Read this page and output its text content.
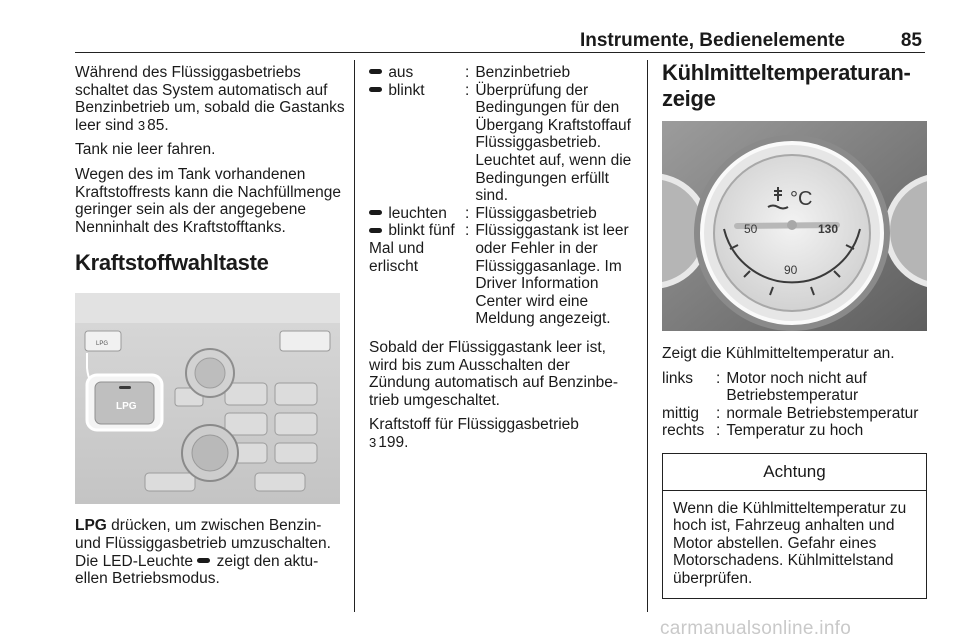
Instrumente, Bedienelemente	85

Während des Flüssiggasbetriebs schaltet das System automatisch auf Benzinbetrieb um, sobald die Gastanks leer sind 3 85.

Tank nie leer fahren.

Wegen des im Tank vorhandenen Kraftstoffrests kann die Nachfüllmenge geringer sein als der angegebene Nenninhalt des Kraftstofftanks.

Kraftstoffwahltaste
LPG
LPG

LPG drücken, um zwischen Benzin- und Flüssiggasbetrieb umzuschalten. Die LED-Leuchte  zeigt den aktuellen Betriebsmodus.

aus	:	Benzinbetrieb
blinkt	:	Überprüfung der Bedingungen für den Übergang Kraftstoffauf Flüssiggasbetrieb. Leuchtet auf, wenn die Bedingungen erfüllt sind.
leuchten	:	Flüssiggasbetrieb
blinkt fünf Mal und erlischt	:	Flüssiggastank ist leer oder Fehler in der Flüssiggasanlage. Im Driver Information Center wird eine Meldung angezeigt.

Sobald der Flüssiggastank leer ist, wird bis zum Ausschalten der Zündung automatisch auf Benzinbetrieb umgeschaltet.

Kraftstoff für Flüssiggasbetrieb
3 199.

Kühlmitteltemperaturanzeige
°C
50
90
130

Zeigt die Kühlmitteltemperatur an.

links	:	Motor noch nicht auf Betriebstemperatur
mittig	:	normale Betriebstemperatur
rechts	:	Temperatur zu hoch
Achtung
Wenn die Kühlmitteltemperatur zu hoch ist, Fahrzeug anhalten und Motor abstellen. Gefahr eines Motorschadens. Kühlmittelstand überprüfen.
carmanualsonline.info
